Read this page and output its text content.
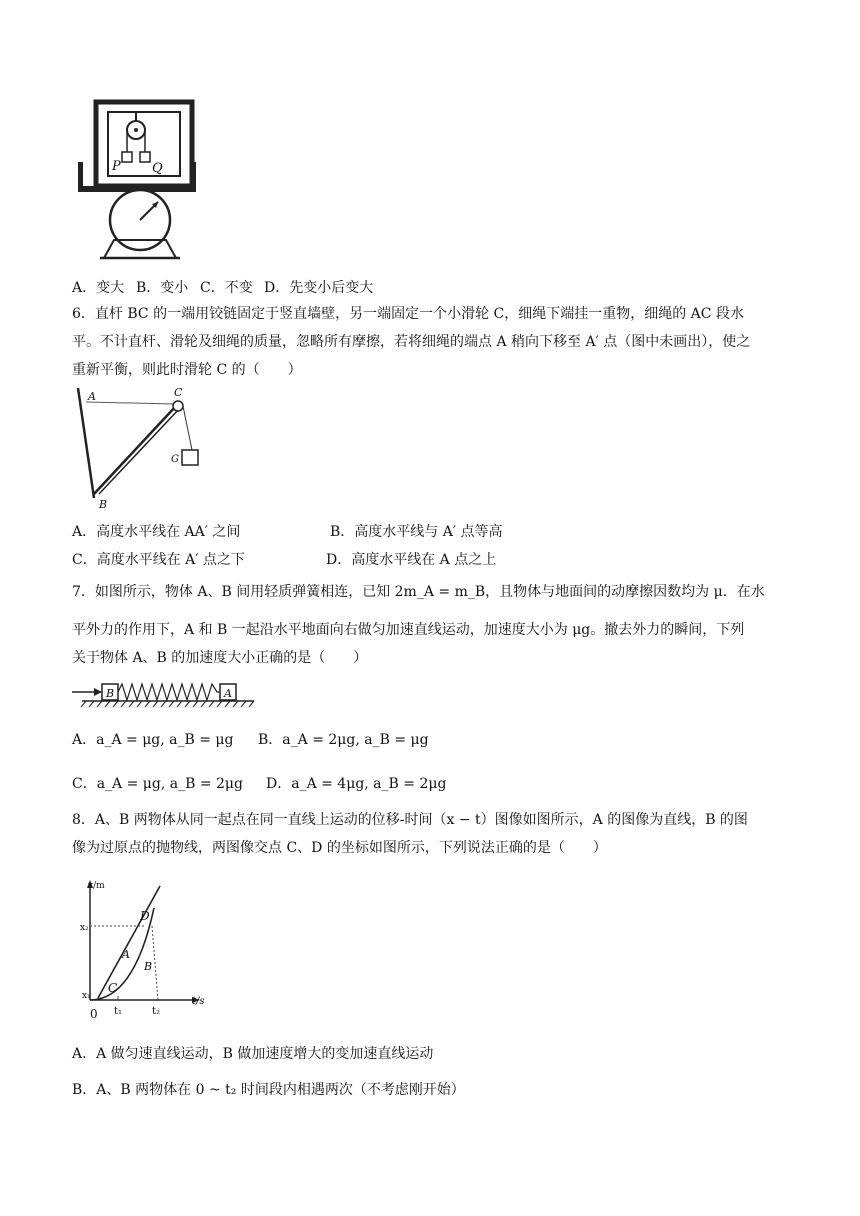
P Q
A．变大 B．变小 C．不变 D．先变小后变大
6．直杆 BC 的一端用铰链固定于竖直墙壁，另一端固定一个小滑轮 C，细绳下端挂一重物，细绳的 AC 段水
平。不计直杆、滑轮及细绳的质量，忽略所有摩擦，若将细绳的端点 A 稍向下移至 A′ 点（图中未画出），使之
重新平衡，则此时滑轮 C 的（　　）
A	C
G
B
A．高度水平线在 AA′ 之间	B．高度水平线与 A′ 点等高
C．高度水平线在 A′ 点之下	D．高度水平线在 A 点之上
7．如图所示，物体 A、B 间用轻质弹簧相连，已知 2m_A = m_B，且物体与地面间的动摩擦因数均为 μ．在水
平外力的作用下，A 和 B 一起沿水平地面向右做匀加速直线运动，加速度大小为 μg。撤去外力的瞬间，下列
关于物体 A、B 的加速度大小正确的是（　　）
B	A
A．a_A = μg, a_B = μg B．a_A = 2μg, a_B = μg
C．a_A = μg, a_B = 2μg D．a_A = 4μg, a_B = 2μg
8．A、B 两物体从同一起点在同一直线上运动的位移-时间（x − t）图像如图所示，A 的图像为直线，B 的图
像为过原点的抛物线，两图像交点 C、D 的坐标如图所示，下列说法正确的是（　　）
x/m
t/s
0
x₁
x₂
t₁	t₂
C
D
A
B
A．A 做匀速直线运动，B 做加速度增大的变加速直线运动
B．A、B 两物体在 0 ~ t₂ 时间段内相遇两次（不考虑刚开始）
